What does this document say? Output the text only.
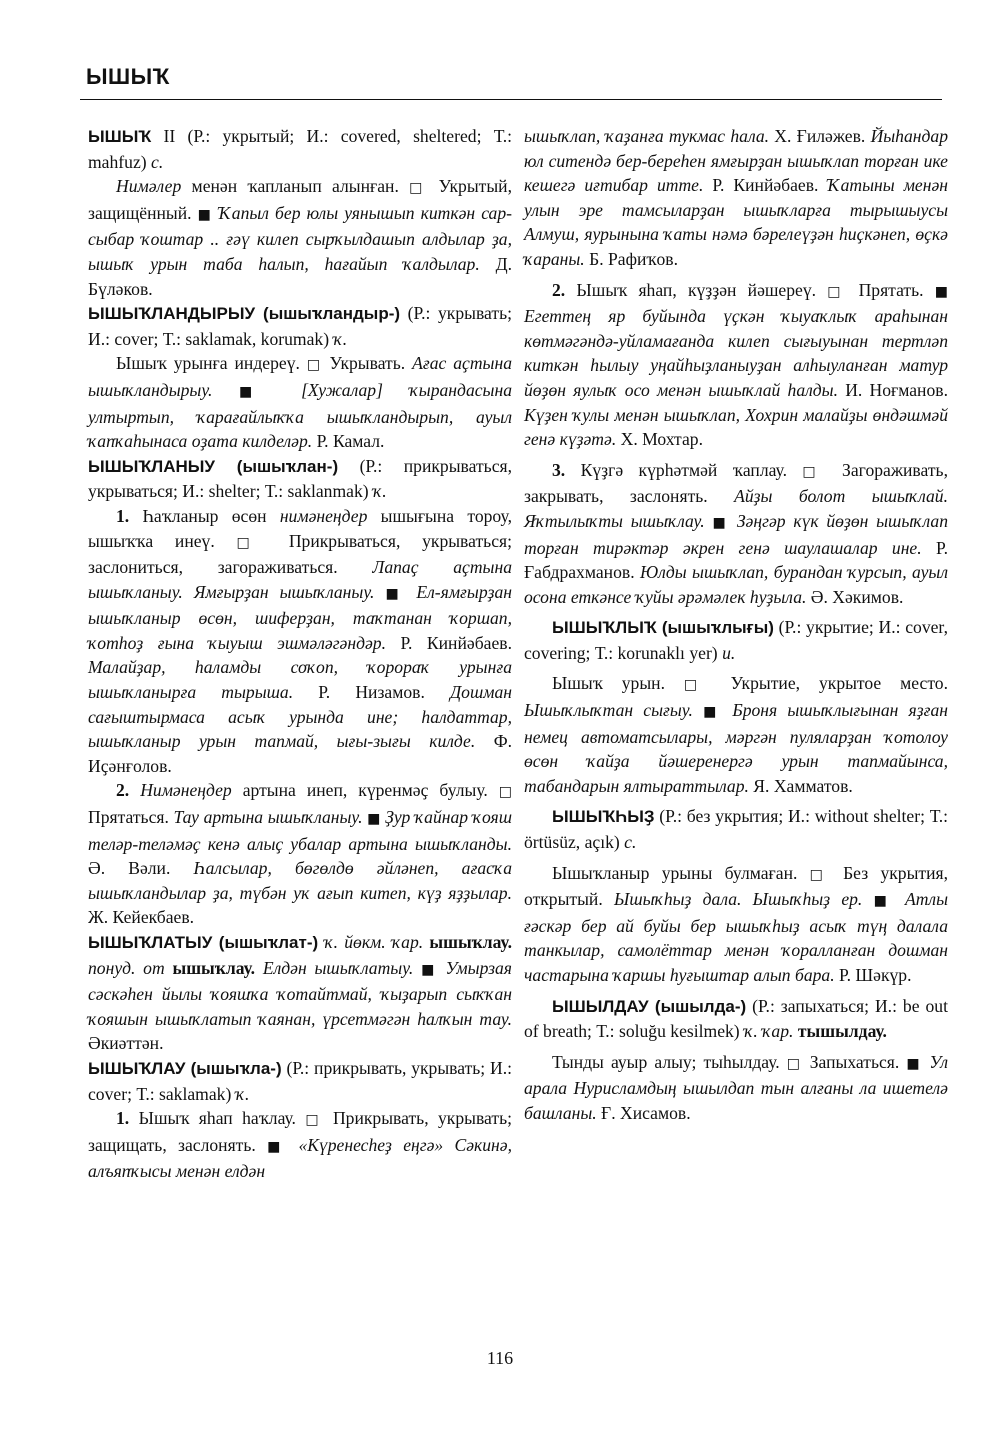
ЫШЫҠ

ЫШЫҠ II (Р.: укрытый; И.: covered, sheltered; Т.: mahfuz) с.

Нимәлер менән ҡапланып алынған. □ Укрытый, защищённый. ■ Ҡапыл бер юлы уянышып киткән сар-сыбар ҡоштар .. ғәү килеп сырҡылдашып алдылар ҙа, ышыҡ урын таба һалып, һағайып ҡалдылар. Д. Бүләков.

ЫШЫҠЛАНДЫРЫУ (ышыҡландыр-) (Р.: укрывать; И.: cover; Т.: saklamak, korumak) ҡ.

Ышыҡ урынға индереү. □ Укрывать. Ағас аҫтына ышыҡландырыу. ■ [Хужалар] ҡырандасына ултыртып, ҡарағайлыҡҡа ышыҡландырып, ауыл ҡапҡаһынаса оҙата килделәр. Р. Камал.

ЫШЫҠЛАНЫУ (ышыҡлан-) (Р.: прикрываться, укрываться; И.: shelter; Т.: saklanmak) ҡ.

1. Һаҡланыр өсөн нимәнеңдер ышығына тороу, ышыҡҡа инеү. □ Прикрываться, укрываться; заслониться, загораживаться. Лапаҫ аҫтына ышыҡланыу. Ямғырҙан ышыҡланыу. ■ Ел-ямғырҙан ышыҡланыр өсөн, шиферҙан, таҡтанан ҡоршап, ҡотһоҙ ғына ҡыуыш эшмәләгәндәр. Р. Кинйәбаев. Малайҙар, һаламды соҡоп, ҡорораҡ урынға ышыҡланырға тырыша. Р. Низамов. Дошман сағыштырмаса асыҡ урында ине; һалдаттар, ышыҡланыр урын тапмай, ығы-зығы килде. Ф. Иҫәнғолов.

2. Нимәнеңдер артына инеп, күренмәҫ булыу. □ Прятаться. Тау артына ышыҡланыу. ■ Ҙур ҡайнар ҡояш теләр-теләмәҫ кенә алыҫ убалар артына ышыҡланды. Ә. Вәли. Һалсылар, бөгөлдө әйләнеп, ағасҡа ышыҡландылар ҙа, түбән уҡ ағып китеп, күҙ яҙҙылар. Ж. Кейекбаев.

ЫШЫҠЛАТЫУ (ышыҡлат-) ҡ. йөкм. ҡар. ышыҡлау. понуд. от ышыҡлау. Елдән ышыҡлатыу. ■ Умырзая сәскәһен йылы ҡояшҡа ҡотайтмай, ҡыҙарып сыҡҡан ҡояшын ышыҡлатып ҡаянан, үрсетмәгән һалҡын тау. Әкиәттән.

ЫШЫҠЛАУ (ышыҡла-) (Р.: прикрывать, укрывать; И.: cover; Т.: saklamak) ҡ.

1. Ышыҡ яһап һаҡлау. □ Прикрывать, укрывать; защищать, заслонять. ■ «Күренесһеҙ еңгә» Сәкинә, алъяпҡысы менән елдән

ышыҡлап, ҡаҙанға тукмас һала. Х. Ғиләжев. Йыһандар юл ситендә бер-береһен ямғырҙан ышыҡлап торған ике кешегә иғтибар итте. Р. Кинйәбаев. Ҡатыны менән улын эре тамсыларҙан ышыҡларға тырышыусы Алмуш, яурынына ҡаты нәмә бәрелеүҙән һиҫкәнеп, өҫкә ҡараны. Б. Рафиҡов.

2. Ышыҡ яһап, күҙҙән йәшереү. □ Прятать. ■ Егеттең яр буйында үҫкән ҡыуаҡлыҡ араһынан көтмәгәндә-уйламағанда килеп сығыуынан тертләп киткән һылыу уңайһыҙланыуҙан алһыуланған матур йөҙөн яулыҡ осо менән ышыҡлай һалды. И. Ноғманов. Күҙен ҡулы менән ышыҡлап, Хохрин малайҙы өндәшмәй генә күҙәтә. Х. Мохтар.

3. Күҙгә күрһәтмәй ҡаплау. □ Загораживать, закрывать, заслонять. Айҙы болот ышыҡлай. Яҡтылыҡты ышыҡлау. ■ Зәңгәр күк йөҙөн ышыҡлап торған тирәктәр әкрен генә шаулашалар ине. Р. Ғабдрахманов. Юлды ышыҡлап, бурандан ҡурсып, ауыл осона еткәнсе ҡуйы әрәмәлек һуҙыла. Ә. Хәкимов.

ЫШЫҠЛЫҠ (ышыҡлығы) (Р.: укрытие; И.: cover, covering; Т.: korunaklı yer) и.

Ышыҡ урын. □ Укрытие, укрытое место. Ышыҡлыҡтан сығыу. ■ Броня ышыҡлығынан яҙған немец автоматсылары, мәргән пуляларҙан ҡотолоу өсөн ҡайҙа йәшеренергә урын тапмайынса, табандарын ялтыраттылар. Я. Хамматов.

ЫШЫҠҺЫҘ (Р.: без укрытия; И.: without shelter; Т.: örtüsüz, açık) с.

Ышыҡланыр урыны булмаған. □ Без укрытия, открытый. Ышыҡһыҙ дала. Ышыҡһыҙ ер. ■ Атлы ғәскәр бер ай буйы бер ышыҡһыҙ асыҡ түң далала танкылар, самолёттар менән ҡоралланған дошман частарына ҡаршы һуғыштар алып бара. Р. Шәкүр.

ЫШЫЛДАУ (ышылда-) (Р.: запыхаться; И.: be out of breath; Т.: soluğu kesilmek) ҡ. ҡар. тышылдау.

Тынды ауыр алыу; тыһылдау. □ Запыхаться. ■ Ул арала Нурисламдың ышылдап тын алғаны ла ишетелә башланы. Ғ. Хисамов.

116
